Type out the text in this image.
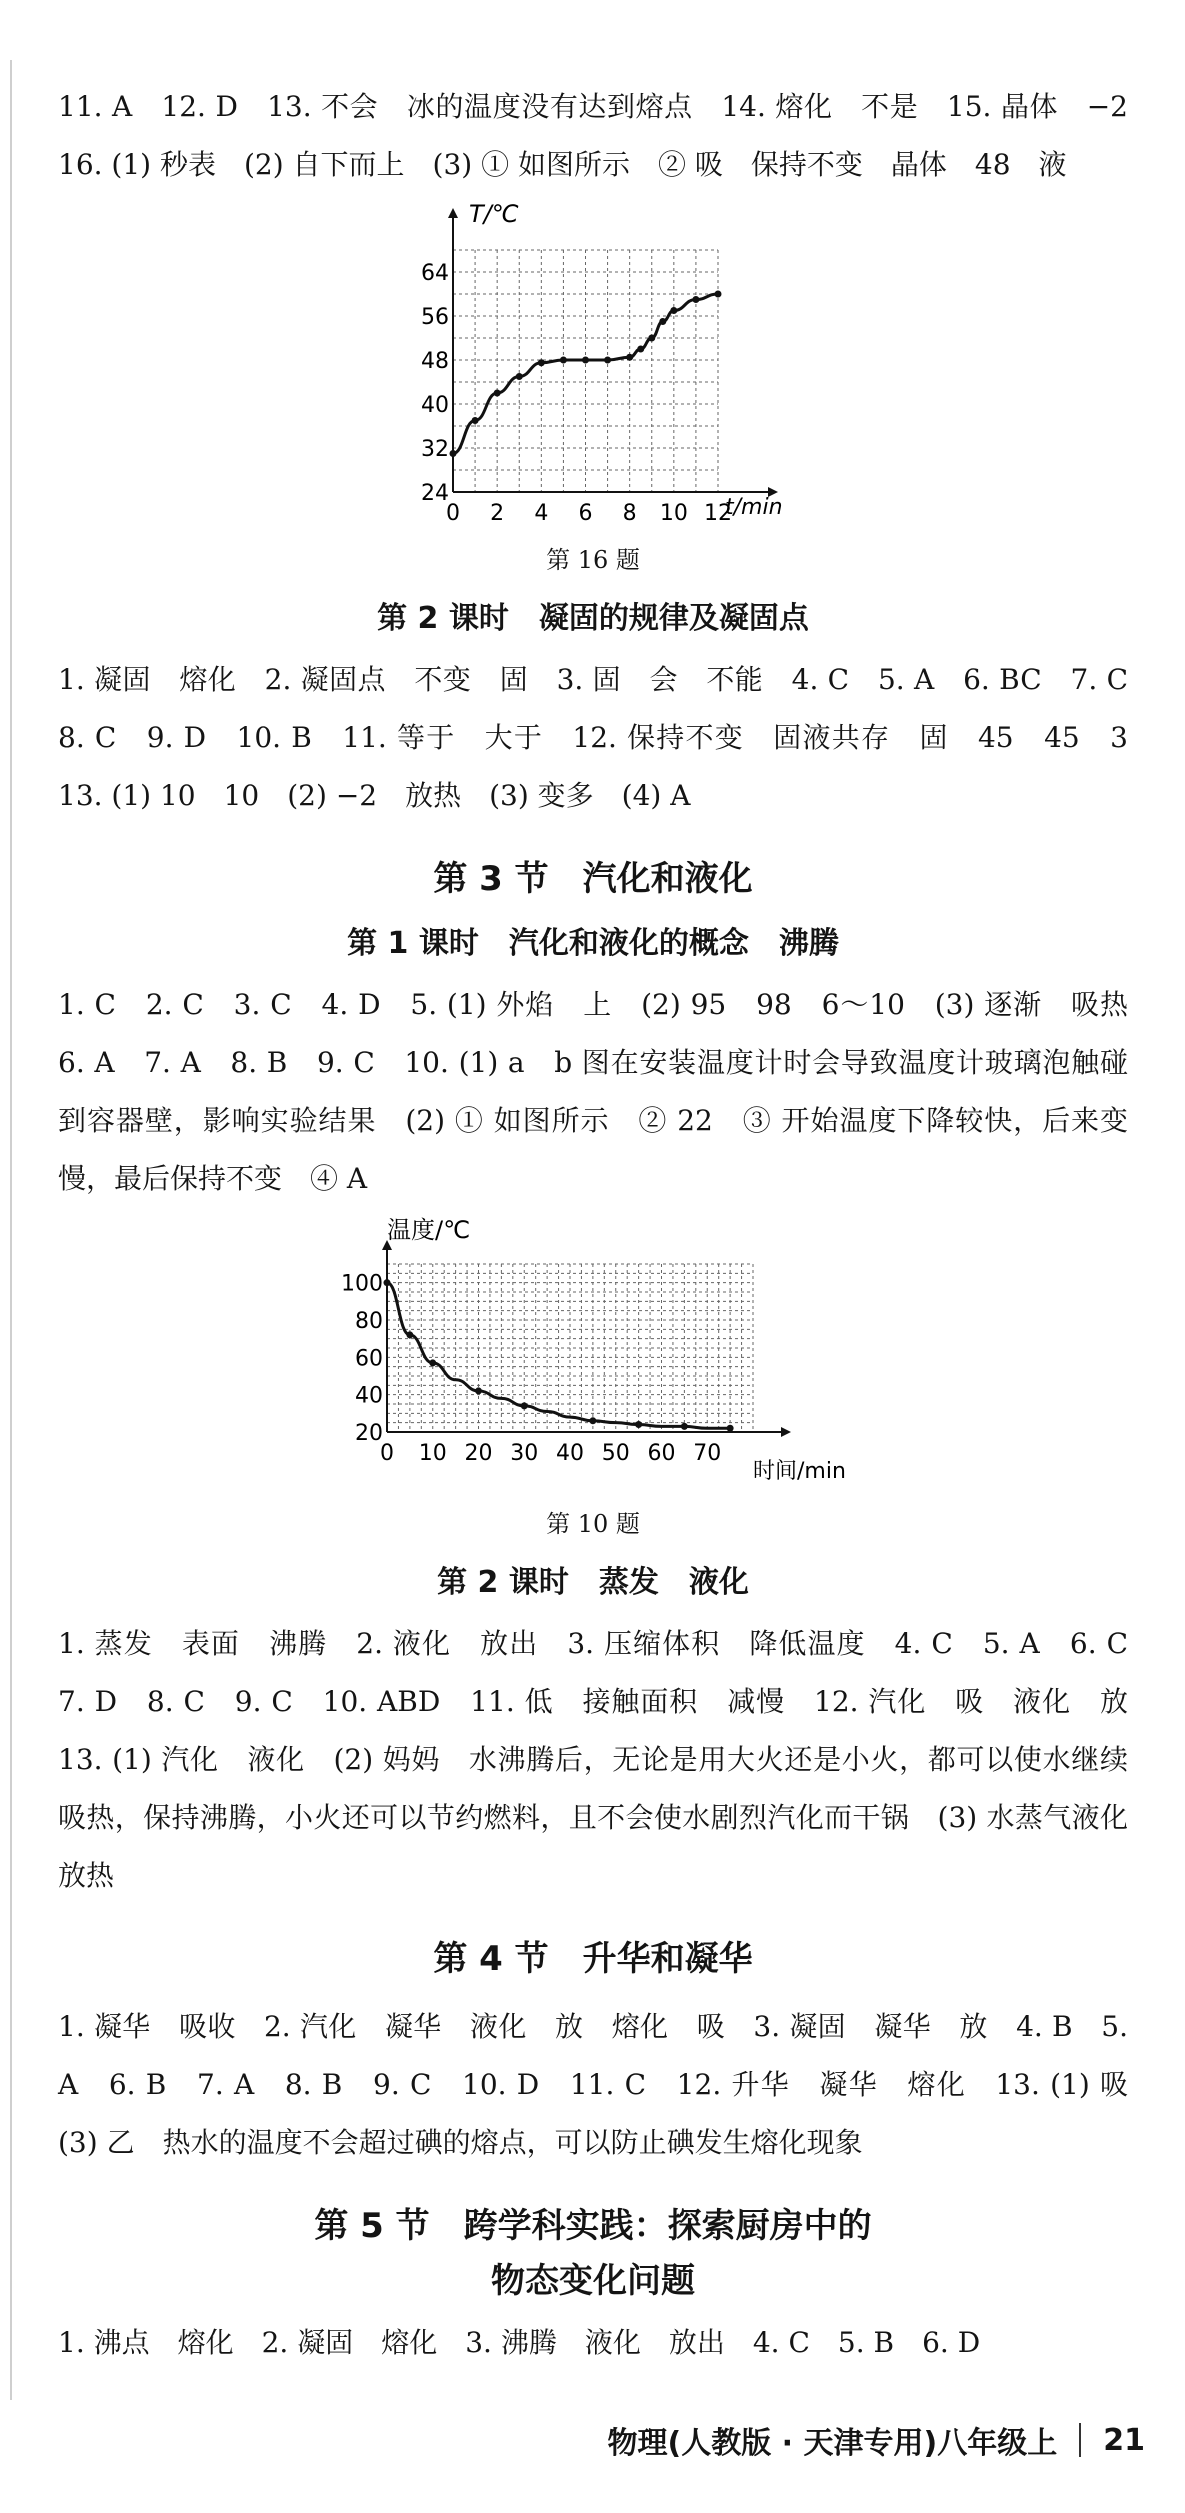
11. A　12. D　13. 不会　冰的温度没有达到熔点　14. 熔化　不是　15. 晶体　−2　16. (1) 秒表　(2) 自下而上　(3) ① 如图所示　② 吸　保持不变　晶体　48　液

T/℃
t/min
0 2 4 6 8 10 12
24
32
40
48
56
64
第 16 题
第 2 课时　凝固的规律及凝固点

1. 凝固　熔化　2. 凝固点　不变　固　3. 固　会　不能　4. C　5. A　6. BC　7. C　8. C　9. D　10. B　11. 等于　大于　12. 保持不变　固液共存　固　45　45　3　13. (1) 10　10　(2) −2　放热　(3) 变多　(4) A

第 3 节　汽化和液化
第 1 课时　汽化和液化的概念　沸腾

1. C　2. C　3. C　4. D　5. (1) 外焰　上　(2) 95　98　6～10　(3) 逐渐　吸热　6. A　7. A　8. B　9. C　10. (1) a　b 图在安装温度计时会导致温度计玻璃泡触碰到容器壁，影响实验结果　(2) ① 如图所示　② 22　③ 开始温度下降较快，后来变慢，最后保持不变　④ A

温度/℃
时间/min
0 10 20 30 40 50 60 70
20
40
60
80
100
第 10 题
第 2 课时　蒸发　液化

1. 蒸发　表面　沸腾　2. 液化　放出　3. 压缩体积　降低温度　4. C　5. A　6. C　7. D　8. C　9. C　10. ABD　11. 低　接触面积　减慢　12. 汽化　吸　液化　放　13. (1) 汽化　液化　(2) 妈妈　水沸腾后，无论是用大火还是小火，都可以使水继续吸热，保持沸腾，小火还可以节约燃料，且不会使水剧烈汽化而干锅　(3) 水蒸气液化放热

第 4 节　升华和凝华

1. 凝华　吸收　2. 汽化　凝华　液化　放　熔化　吸　3. 凝固　凝华　放　4. B　5. A　6. B　7. A　8. B　9. C　10. D　11. C　12. 升华　凝华　熔化　13. (1) 吸　(3) 乙　热水的温度不会超过碘的熔点，可以防止碘发生熔化现象

第 5 节　跨学科实践：探索厨房中的
物态变化问题

1. 沸点　熔化　2. 凝固　熔化　3. 沸腾　液化　放出　4. C　5. B　6. D

物理(人教版 · 天津专用)八年级上 21
